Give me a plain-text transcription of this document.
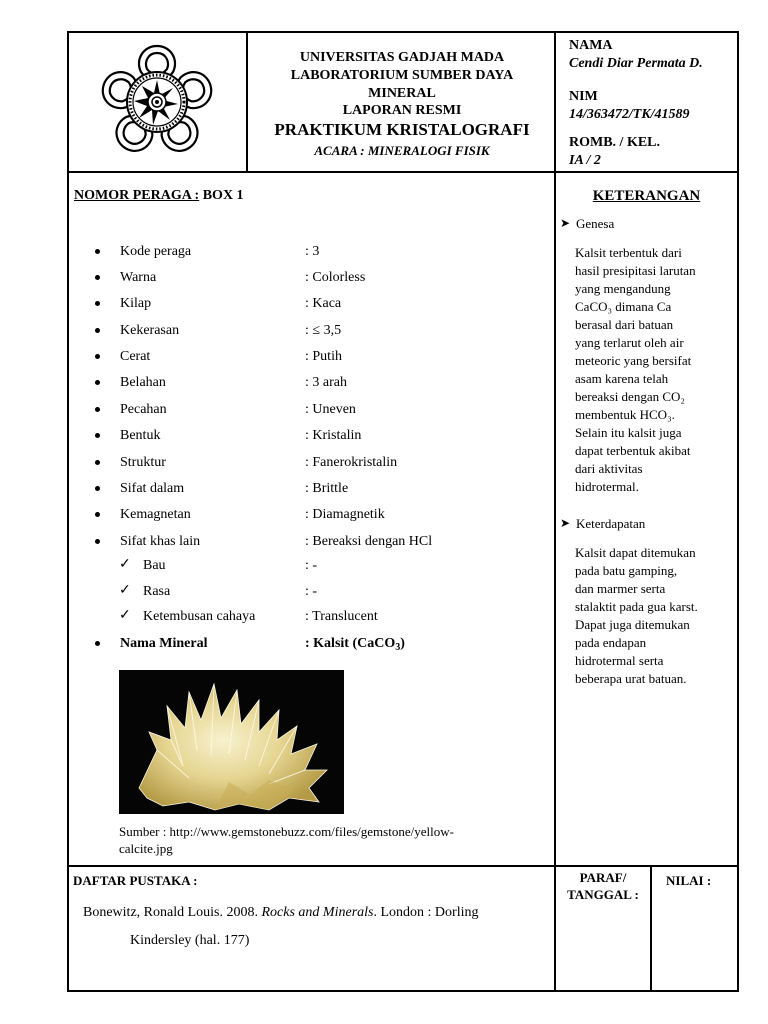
UNIVERSITAS GADJAH MADA
LABORATORIUM SUMBER DAYA
MINERAL
LAPORAN RESMI
PRAKTIKUM KRISTALOGRAFI
ACARA : MINERALOGI FISIK
NAMA
Cendi Diar Permata D.
NIM
14/363472/TK/41589
ROMB. / KEL.
IA / 2
NOMOR PERAGA : BOX 1
Kode peraga	: 3
Warna	: Colorless
Kilap	: Kaca
Kekerasan	: ≤ 3,5
Cerat	: Putih
Belahan	: 3 arah
Pecahan	: Uneven
Bentuk	: Kristalin
Struktur	: Fanerokristalin
Sifat dalam	: Brittle
Kemagnetan	: Diamagnetik
Sifat khas lain	: Bereaksi dengan HCl
✓ Bau	: -
✓ Rasa	: -
✓ Ketembusan cahaya	: Translucent
Nama Mineral	: Kalsit (CaCO$_3$)
Sumber : http://www.gemstonebuzz.com/files/gemstone/yellow-
calcite.jpg
KETERANGAN
➤ Genesa
Kalsit terbentuk dari
hasil presipitasi larutan
yang mengandung
CaCO₃ dimana Ca
berasal dari batuan
yang terlarut oleh air
meteoric yang bersifat
asam karena telah
bereaksi dengan CO₂
membentuk HCO₃.
Selain itu kalsit juga
dapat terbentuk akibat
dari aktivitas
hidrotermal.
➤ Keterdapatan
Kalsit dapat ditemukan
pada batu gamping,
dan marmer serta
stalaktit pada gua karst.
Dapat juga ditemukan
pada endapan
hidrotermal serta
beberapa urat batuan.
DAFTAR PUSTAKA :
Bonewitz, Ronald Louis. 2008. Rocks and Minerals. London : Dorling
Kindersley (hal. 177)
PARAF/
TANGGAL :
NILAI :
